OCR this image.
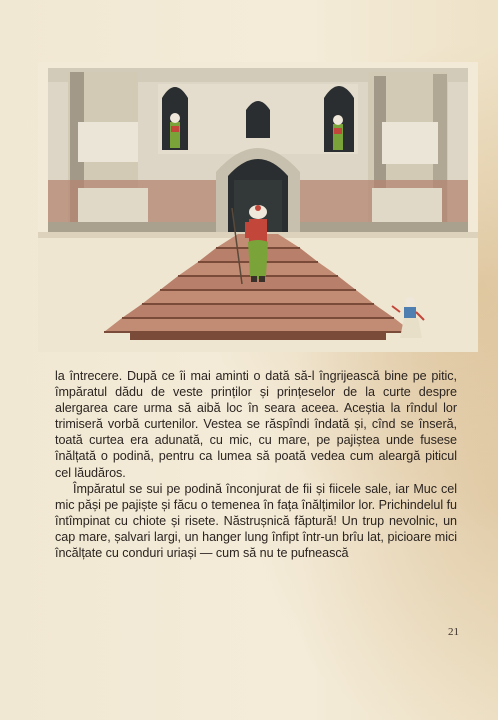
la întrecere. După ce îi mai aminti o dată să-l îngrijească bine pe pitic, împăratul dădu de veste prinților și prințeselor de la curte despre alergarea care urma să aibă loc în seara aceea. Aceștia la rîndul lor trimiseră vorbă curtenilor. Vestea se răspîndi îndată și, cînd se înseră, toată curtea era adunată, cu mic, cu mare, pe pajiștea unde fusese înălțată o podină, pentru ca lumea să poată vedea cum aleargă piticul cel lăudăros.

Împăratul se sui pe podină înconjurat de fii și fiicele sale, iar Muc cel mic păși pe pajiște și făcu o temenea în fața înălțimilor lor. Prichindelul fu întîmpinat cu chiote și risete. Năstrușnică făptură! Un trup nevolnic, un cap mare, șalvari largi, un hanger lung înfipt într-un brîu lat, picioare mici încălțate cu conduri uriași — cum să nu te pufnească

21
